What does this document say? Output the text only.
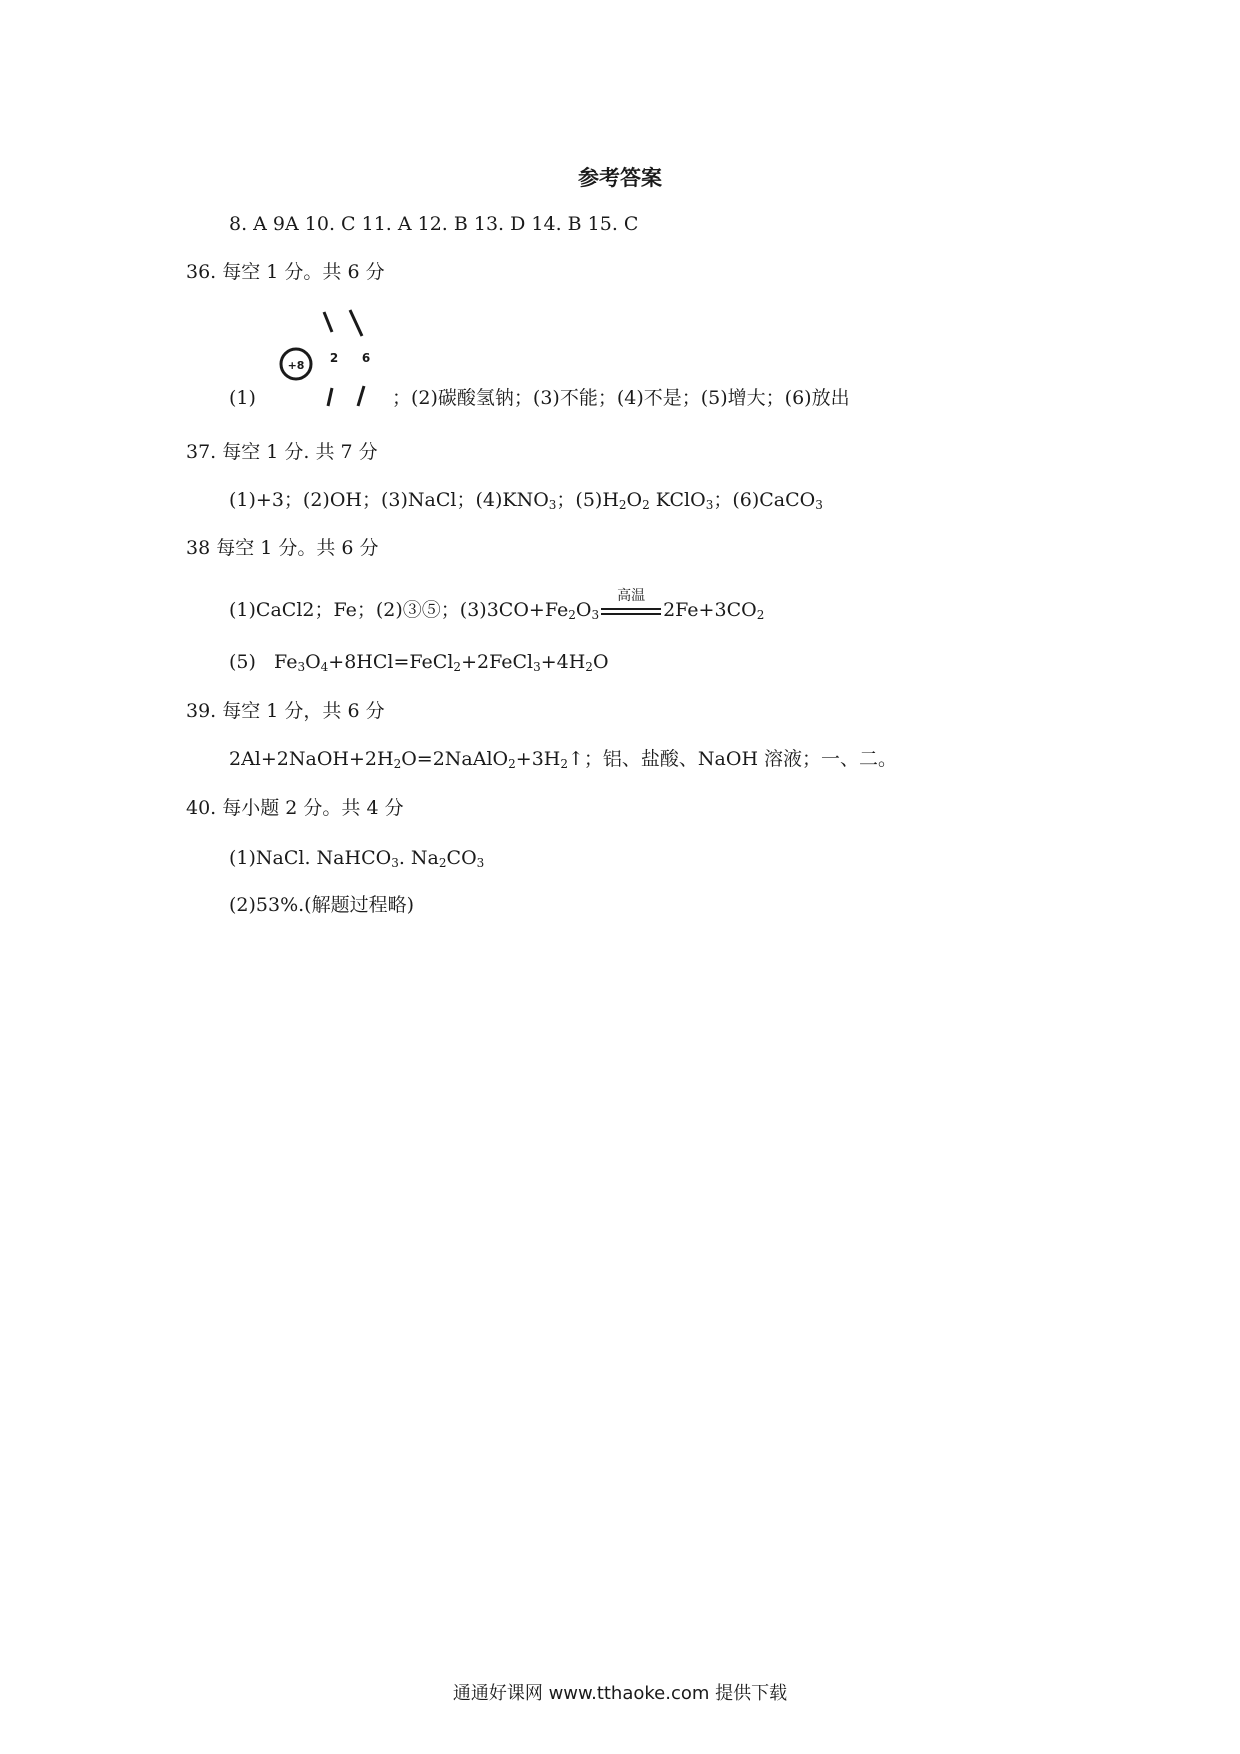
参考答案
8. A 9A 10. C 11. A 12. B 13. D 14. B 15. C
36. 每空 1 分。共 6 分
(1)
+8
2 6
；(2)碳酸氢钠；(3)不能；(4)不是；(5)增大；(6)放出
37. 每空 1 分. 共 7 分
(1)+3；(2)OH；(3)NaCl；$(4)KNO_3$；$(5)H_2O_2$ KClO$_3$；(6)CaCO$_3$
38 每空 1 分。共 6 分
(1)CaCl2；Fe；(2)③⑤；$(3)3CO+Fe_2O_3$
高温
$2Fe+3CO_2$
(5) $Fe_3O_4+8HCl=FeCl_2+2FeCl_3+4H_2O$
39. 每空 1 分，共 6 分
$2Al+2NaOH+2H_2O=2NaAlO_2+3H_2↑$；铝、盐酸、NaOH 溶液；一、二。
40. 每小题 2 分。共 4 分
(1)NaCl. NaHCO$_3$. $Na_2CO_3$
(2)53%.(解题过程略)
通通好课网 www.tthaoke.com 提供下载
